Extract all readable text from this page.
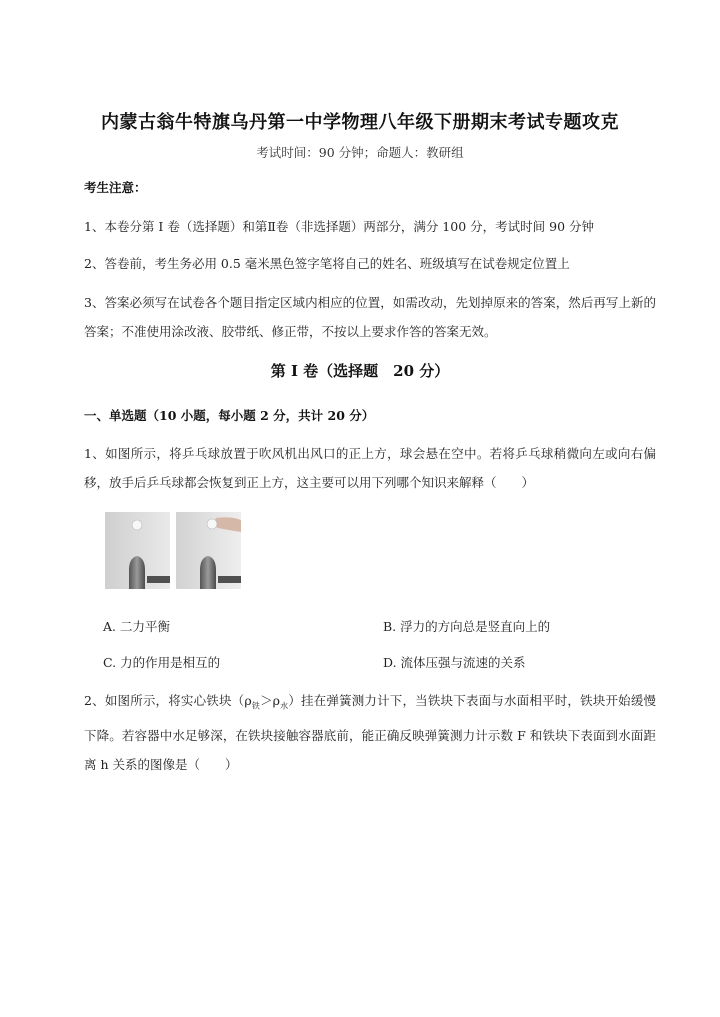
内蒙古翁牛特旗乌丹第一中学物理八年级下册期末考试专题攻克
考试时间：90 分钟；命题人：教研组
考生注意：
1、本卷分第 I 卷（选择题）和第Ⅱ卷（非选择题）两部分，满分 100 分，考试时间 90 分钟
2、答卷前，考生务必用 0.5 毫米黑色签字笔将自己的姓名、班级填写在试卷规定位置上
3、答案必须写在试卷各个题目指定区域内相应的位置，如需改动，先划掉原来的答案，然后再写上新的答案；不准使用涂改液、胶带纸、修正带，不按以上要求作答的答案无效。
第 I 卷（选择题　20 分）
一、单选题（10 小题，每小题 2 分，共计 20 分）
1、如图所示，将乒乓球放置于吹风机出风口的正上方，球会悬在空中。若将乒乓球稍微向左或向右偏移，放手后乒乓球都会恢复到正上方，这主要可以用下列哪个知识来解释（　　）
A. 二力平衡	B. 浮力的方向总是竖直向上的
C. 力的作用是相互的	D. 流体压强与流速的关系
2、如图所示，将实心铁块$(\rho_铁>\rho_水)$挂在弹簧测力计下，当铁块下表面与水面相平时，铁块开始缓慢下降。若容器中水足够深，在铁块接触容器底前，能正确反映弹簧测力计示数 F 和铁块下表面到水面距离 h 关系的图像是（　　）
